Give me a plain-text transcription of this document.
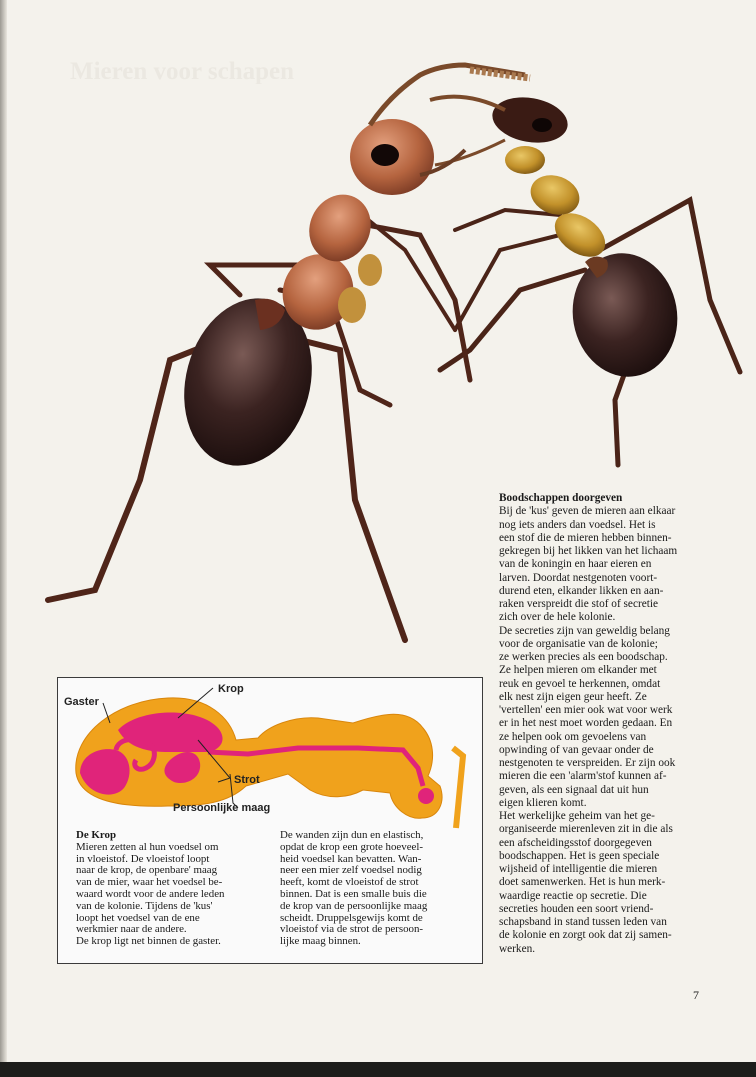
Mieren voor schapen
Boodschappen doorgeven

Bij de 'kus' geven de mieren aan elkaar
nog iets anders dan voedsel. Het is
een stof die de mieren hebben binnen-
gekregen bij het likken van het lichaam
van de koningin en haar eieren en
larven. Doordat nestgenoten voort-
durend eten, elkander likken en aan-
raken verspreidt die stof of secretie
zich over de hele kolonie.
De secreties zijn van geweldig belang
voor de organisatie van de kolonie;
ze werken precies als een boodschap.
Ze helpen mieren om elkander met
reuk en gevoel te herkennen, omdat
elk nest zijn eigen geur heeft. Ze
'vertellen' een mier ook wat voor werk
er in het nest moet worden gedaan. En
ze helpen ook om gevoelens van
opwinding of van gevaar onder de
nestgenoten te verspreiden. Er zijn ook
mieren die een 'alarm'stof kunnen af-
geven, als een signaal dat uit hun
eigen klieren komt.
Het werkelijke geheim van het ge-
organiseerde mierenleven zit in die als
een afscheidingsstof doorgegeven
boodschappen. Het is geen speciale
wijsheid of intelligentie die mieren
doet samenwerken. Het is hun merk-
waardige reactie op secretie. Die
secreties houden een soort vriend-
schapsband in stand tussen leden van
de kolonie en zorgt ook dat zij samen-
werken.

Gaster
Krop
Strot
Persoonlijke maag
De Krop

Mieren zetten al hun voedsel om
in vloeistof. De vloeistof loopt
naar de krop, de openbare' maag
van de mier, waar het voedsel be-
waard wordt voor de andere leden
van de kolonie. Tijdens de 'kus'
loopt het voedsel van de ene
werkmier naar de andere.
De krop ligt net binnen de gaster.

De wanden zijn dun en elastisch,
opdat de krop een grote hoeveel-
heid voedsel kan bevatten. Wan-
neer een mier zelf voedsel nodig
heeft, komt de vloeistof de strot
binnen. Dat is een smalle buis die
de krop van de persoonlijke maag
scheidt. Druppelsgewijs komt de
vloeistof via de strot de persoon-
lijke maag binnen.

7
